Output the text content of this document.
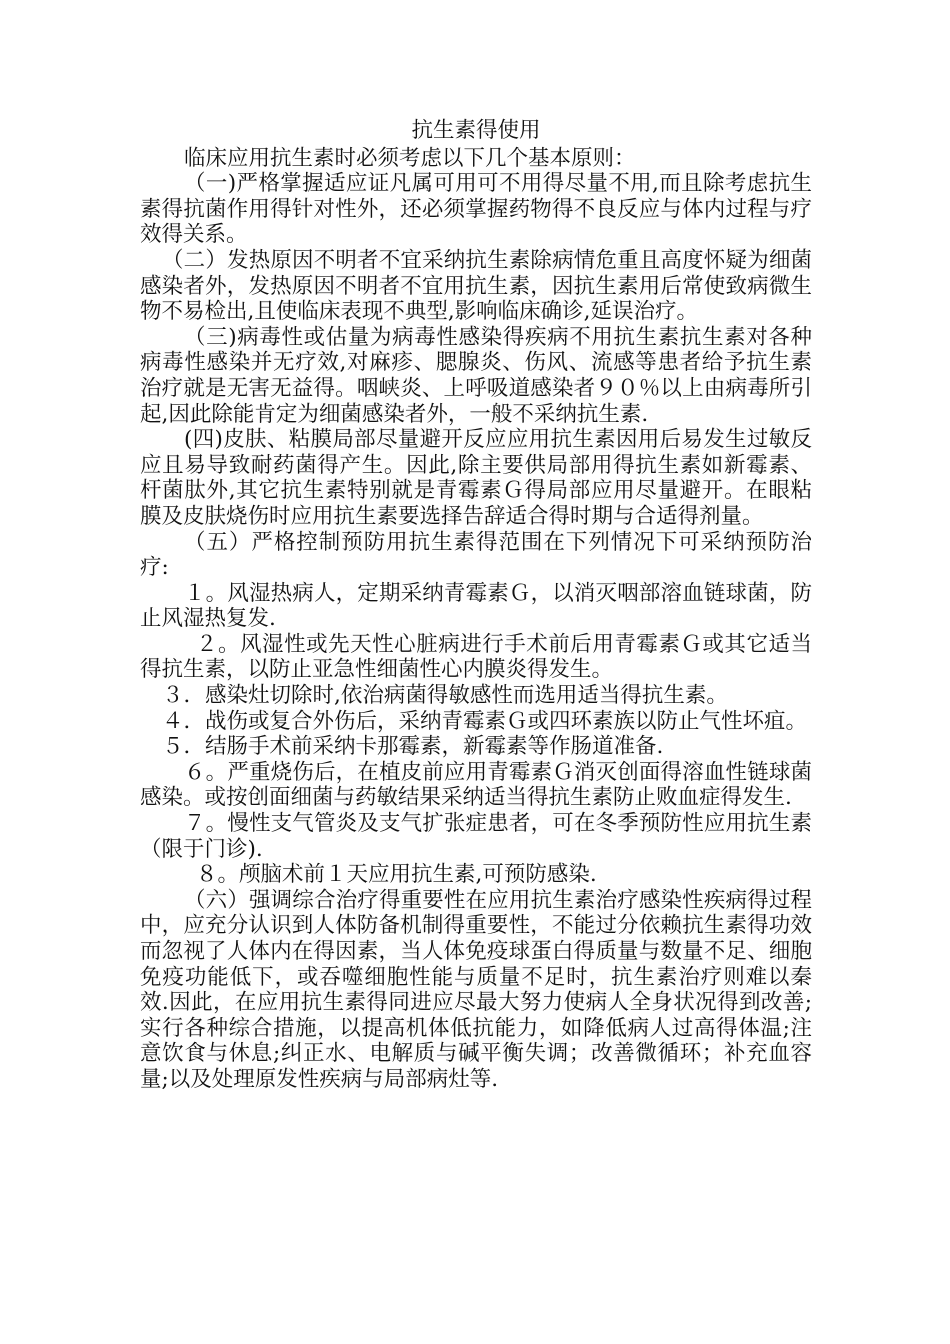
抗生素得使用

临床应用抗生素时必须考虑以下几个基本原则：

（一)严格掌握适应证凡属可用可不用得尽量不用,而且除考虑抗生素得抗菌作用得针对性外，还必须掌握药物得不良反应与体内过程与疗效得关系。

（二）发热原因不明者不宜采纳抗生素除病情危重且高度怀疑为细菌感染者外，发热原因不明者不宜用抗生素，因抗生素用后常使致病微生物不易检出,且使临床表现不典型,影响临床确诊,延误治疗。

（三)病毒性或估量为病毒性感染得疾病不用抗生素抗生素对各种病毒性感染并无疗效,对麻疹、腮腺炎、伤风、流感等患者给予抗生素治疗就是无害无益得。咽峡炎、上呼吸道感染者９０％以上由病毒所引起,因此除能肯定为细菌感染者外，一般不采纳抗生素.

(四)皮肤、粘膜局部尽量避开反应应用抗生素因用后易发生过敏反应且易导致耐药菌得产生。因此,除主要供局部用得抗生素如新霉素、杆菌肽外,其它抗生素特别就是青霉素Ｇ得局部应用尽量避开。在眼粘膜及皮肤烧伤时应用抗生素要选择告辞适合得时期与合适得剂量。

（五）严格控制预防用抗生素得范围在下列情况下可采纳预防治疗:

１。风湿热病人，定期采纳青霉素Ｇ，以消灭咽部溶血链球菌，防止风湿热复发.

２。风湿性或先天性心脏病进行手术前后用青霉素Ｇ或其它适当得抗生素，以防止亚急性细菌性心内膜炎得发生。

３．感染灶切除时,依治病菌得敏感性而选用适当得抗生素。

４．战伤或复合外伤后，采纳青霉素Ｇ或四环素族以防止气性坏疽。

５．结肠手术前采纳卡那霉素，新霉素等作肠道准备.

６。严重烧伤后，在植皮前应用青霉素Ｇ消灭创面得溶血性链球菌感染。或按创面细菌与药敏结果采纳适当得抗生素防止败血症得发生.

７。慢性支气管炎及支气扩张症患者，可在冬季预防性应用抗生素（限于门诊).

８。颅脑术前１天应用抗生素,可预防感染.

（六）强调综合治疗得重要性在应用抗生素治疗感染性疾病得过程中，应充分认识到人体防备机制得重要性，不能过分依赖抗生素得功效而忽视了人体内在得因素，当人体免疫球蛋白得质量与数量不足、细胞免疫功能低下，或吞噬细胞性能与质量不足时，抗生素治疗则难以秦效.因此，在应用抗生素得同进应尽最大努力使病人全身状况得到改善;实行各种综合措施，以提高机体低抗能力，如降低病人过高得体温;注意饮食与休息;纠正水、电解质与碱平衡失调；改善微循环；补充血容量;以及处理原发性疾病与局部病灶等.
